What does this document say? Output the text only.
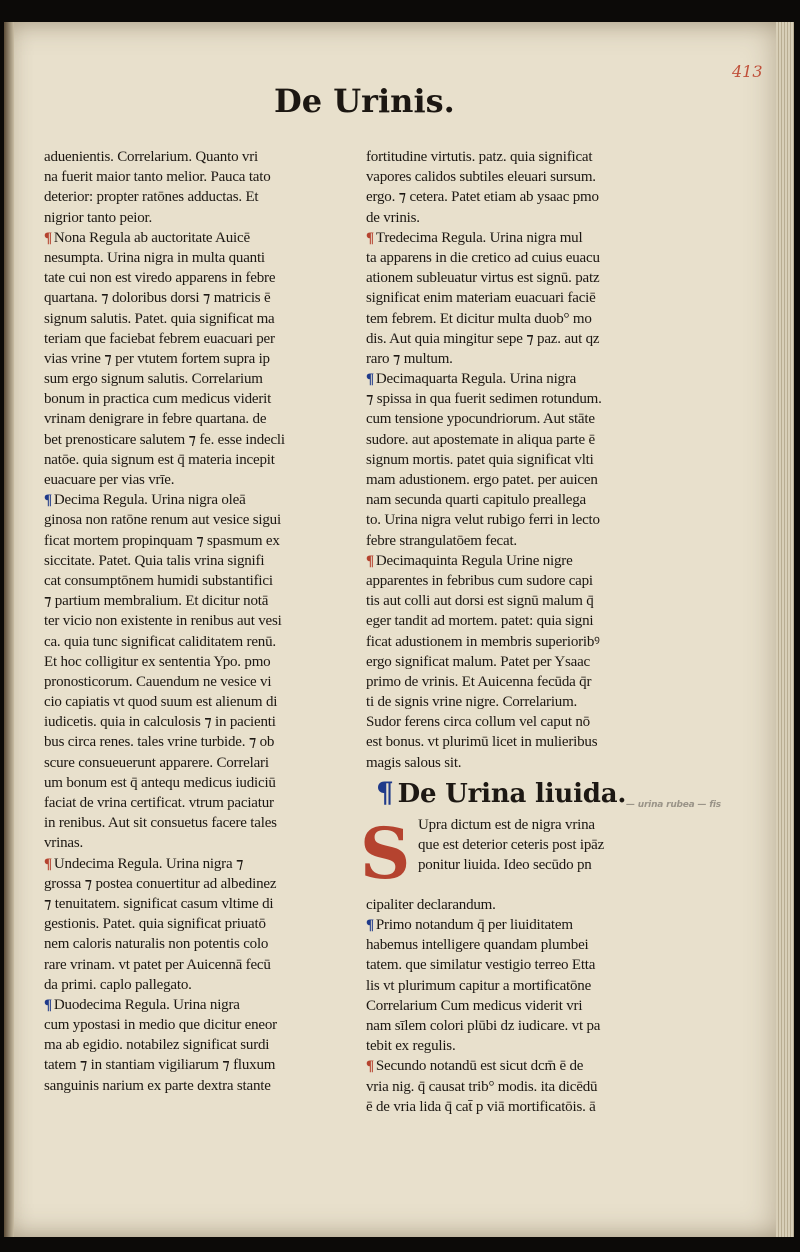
413
De Urinis.
aduenientis. Correlarium. Quanto vri
na fuerit maior tanto melior. Pauca tato
deterior: propter ratōnes adductas. Et
nigrior tanto peior.
¶ Nona Regula ab auctoritate Auicē
nesumpta. Urina nigra in multa quanti
tate cui non est viredo apparens in febre
quartana. ⁊ doloribus dorsi ⁊ matricis ē
signum salutis. Patet. quia significat ma
teriam que faciebat febrem euacuari per
vias vrine ⁊ per vtutem fortem supra ip
sum ergo signum salutis. Correlarium
bonum in practica cum medicus viderit
vrinam denigrare in febre quartana. de
bet prenosticare salutem ⁊ fe. esse indecli
natōe. quia signum est q̄ materia incepit
euacuare per vias vrīe.
¶ Decima Regula. Urina nigra oleā
ginosa non ratōne renum aut vesice sigui
ficat mortem propinquam ⁊ spasmum ex
siccitate. Patet. Quia talis vrina signifi
cat consumptōnem humidi substantifici
⁊ partium membralium. Et dicitur notā
ter vicio non existente in renibus aut vesi
ca. quia tunc significat caliditatem renū.
Et hoc colligitur ex sententia Ypo. pmo
pronosticorum. Cauendum ne vesice vi
cio capiatis vt quod suum est alienum di
iudicetis. quia in calculosis ⁊ in pacienti
bus circa renes. tales vrine turbide. ⁊ ob
scure consueuerunt apparere. Correlari
um bonum est q̄ antequ medicus iudiciū
faciat de vrina certificat. vtrum paciatur
in renibus. Aut sit consuetus facere tales
vrinas.
¶ Undecima Regula. Urina nigra ⁊
grossa ⁊ postea conuertitur ad albedinez
⁊ tenuitatem. significat casum vltime di
gestionis. Patet. quia significat priuatō
nem caloris naturalis non potentis colo
rare vrinam. vt patet per Auicennā fecū
da primi. caplo pallegato.
¶ Duodecima Regula. Urina nigra
cum ypostasi in medio que dicitur eneor
ma ab egidio. notabilez significat surdi
tatem ⁊ in stantiam vigiliarum ⁊ fluxum
sanguinis narium ex parte dextra stante
fortitudine virtutis. patz. quia significat
vapores calidos subtiles eleuari sursum.
ergo. ⁊ cetera. Patet etiam ab ysaac pmo
de vrinis.
¶ Tredecima Regula. Urina nigra mul
ta apparens in die cretico ad cuius euacu
ationem subleuatur virtus est signū. patz
significat enim materiam euacuari faciē
tem febrem. Et dicitur multa duob° mo
dis. Aut quia mingitur sepe ⁊ paz. aut qz
raro ⁊ multum.
¶ Decimaquarta Regula. Urina nigra
⁊ spissa in qua fuerit sedimen rotundum.
cum tensione ypocundriorum. Aut stāte
sudore. aut apostemate in aliqua parte ē
signum mortis. patet quia significat vlti
mam adustionem. ergo patet. per auicen
nam secunda quarti capitulo preallega
to. Urina nigra velut rubigo ferri in lecto
febre strangulatōem fecat.
¶ Decimaquinta Regula Urine nigre
apparentes in febribus cum sudore capi
tis aut colli aut dorsi est signū malum q̄
eger tandit ad mortem. patet: quia signi
ficat adustionem in membris superioribꝰ
ergo significat malum. Patet per Ysaac
primo de vrinis. Et Auicenna fecūda q̄r
ti de signis vrine nigre. Correlarium.
Sudor ferens circa collum vel caput nō
est bonus. vt plurimū licet in mulieribus
magis salous sit.
¶ De Urina liuida. — urina rubea — fis
S Upra dictum est de nigra vrina
que est deterior ceteris post ipāz
ponitur liuida. Ideo secūdo pn
cipaliter declarandum.
¶ Primo notandum q̄ per liuiditatem
habemus intelligere quandam plumbei
tatem. que similatur vestigio terreo Etta
lis vt plurimum capitur a mortificatōne
Correlarium Cum medicus viderit vri
nam sīlem colori plūbi dz iudicare. vt pa
tebit ex regulis.
¶ Secundo notandū est sicut dcm̄ ē de
vria nig. q̄ causat trib° modis. ita dicēdū
ē de vria lida q̄ cat̄ p viā mortificatōis. ā
